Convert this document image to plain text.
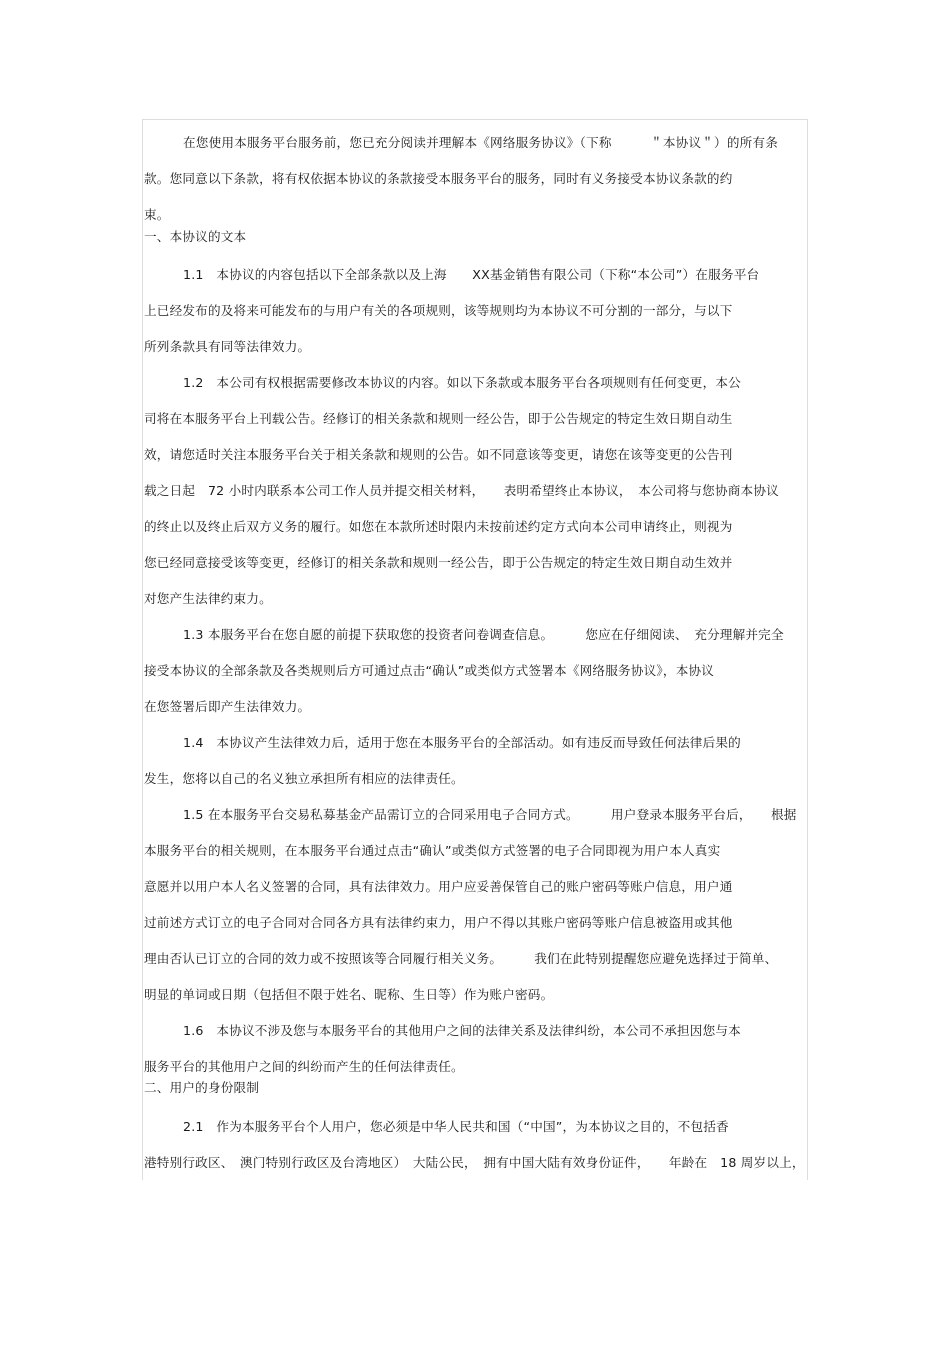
在您使用本服务平台服务前，您已充分阅读并理解本《网络服务协议》（下称　　　＂本协议＂）的所有条
款。您同意以下条款，将有权依据本协议的条款接受本服务平台的服务，同时有义务接受本协议条款的约
束。
一、本协议的文本
1.1　本协议的内容包括以下全部条款以及上海　　XX基金销售有限公司（下称“本公司”）在服务平台
上已经发布的及将来可能发布的与用户有关的各项规则，该等规则均为本协议不可分割的一部分，与以下
所列条款具有同等法律效力。
1.2　本公司有权根据需要修改本协议的内容。如以下条款或本服务平台各项规则有任何变更，本公
司将在本服务平台上刊载公告。经修订的相关条款和规则一经公告，即于公告规定的特定生效日期自动生
效，请您适时关注本服务平台关于相关条款和规则的公告。如不同意该等变更，请您在该等变更的公告刊
载之日起　72 小时内联系本公司工作人员并提交相关材料，　　表明希望终止本协议，　本公司将与您协商本协议
的终止以及终止后双方义务的履行。如您在本款所述时限内未按前述约定方式向本公司申请终止，则视为
您已经同意接受该等变更，经修订的相关条款和规则一经公告，即于公告规定的特定生效日期自动生效并
对您产生法律约束力。
1.3 本服务平台在您自愿的前提下获取您的投资者问卷调查信息。　　　您应在仔细阅读、　充分理解并完全
接受本协议的全部条款及各类规则后方可通过点击“确认”或类似方式签署本《网络服务协议》，本协议
在您签署后即产生法律效力。
1.4　本协议产生法律效力后，适用于您在本服务平台的全部活动。如有违反而导致任何法律后果的
发生，您将以自己的名义独立承担所有相应的法律责任。
1.5 在本服务平台交易私募基金产品需订立的合同采用电子合同方式。　　　用户登录本服务平台后，　　根据
本服务平台的相关规则，在本服务平台通过点击“确认”或类似方式签署的电子合同即视为用户本人真实
意愿并以用户本人名义签署的合同，具有法律效力。用户应妥善保管自己的账户密码等账户信息，用户通
过前述方式订立的电子合同对合同各方具有法律约束力，用户不得以其账户密码等账户信息被盗用或其他
理由否认已订立的合同的效力或不按照该等合同履行相关义务。　　　我们在此特别提醒您应避免选择过于简单、
明显的单词或日期（包括但不限于姓名、昵称、生日等）作为账户密码。
1.6　本协议不涉及您与本服务平台的其他用户之间的法律关系及法律纠纷，本公司不承担因您与本
服务平台的其他用户之间的纠纷而产生的任何法律责任。
二、用户的身份限制
2.1　作为本服务平台个人用户，您必须是中华人民共和国（“中国”，为本协议之目的，不包括香
港特别行政区、　澳门特别行政区及台湾地区）　大陆公民，　拥有中国大陆有效身份证件，　　年龄在　18 周岁以上，
